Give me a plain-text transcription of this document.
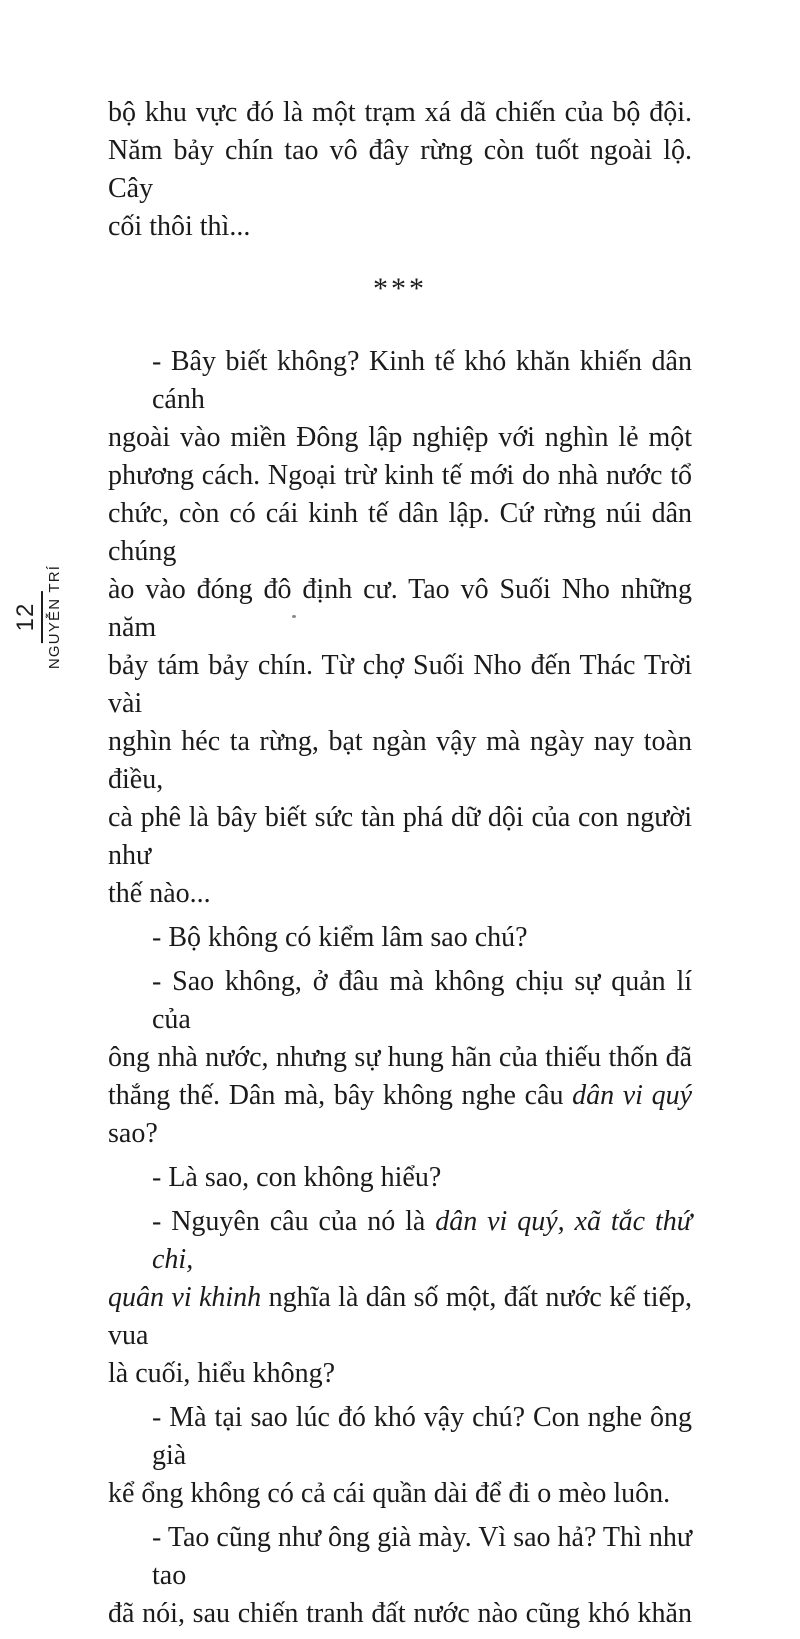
12 NGUYỄN TRÍ
bộ khu vực đó là một trạm xá dã chiến của bộ đội.
Năm bảy chín tao vô đây rừng còn tuốt ngoài lộ. Cây
cối thôi thì...
***
- Bây biết không? Kinh tế khó khăn khiến dân cánh
ngoài vào miền Đông lập nghiệp với nghìn lẻ một
phương cách. Ngoại trừ kinh tế mới do nhà nước tổ
chức, còn có cái kinh tế dân lập. Cứ rừng núi dân chúng
ào vào đóng đô định cư. Tao vô Suối Nho những năm
bảy tám bảy chín. Từ chợ Suối Nho đến Thác Trời vài
nghìn héc ta rừng, bạt ngàn vậy mà ngày nay toàn điều,
cà phê là bây biết sức tàn phá dữ dội của con người như
thế nào...
- Bộ không có kiểm lâm sao chú?
- Sao không, ở đâu mà không chịu sự quản lí của
ông nhà nước, nhưng sự hung hãn của thiếu thốn đã
thắng thế. Dân mà, bây không nghe câu dân vi quý sao?
- Là sao, con không hiểu?
- Nguyên câu của nó là dân vi quý, xã tắc thứ chi,
quân vi khinh nghĩa là dân số một, đất nước kế tiếp, vua
là cuối, hiểu không?
- Mà tại sao lúc đó khó vậy chú? Con nghe ông già
kể ổng không có cả cái quần dài để đi o mèo luôn.
- Tao cũng như ông già mày. Vì sao hả? Thì như tao
đã nói, sau chiến tranh đất nước nào cũng khó khăn
